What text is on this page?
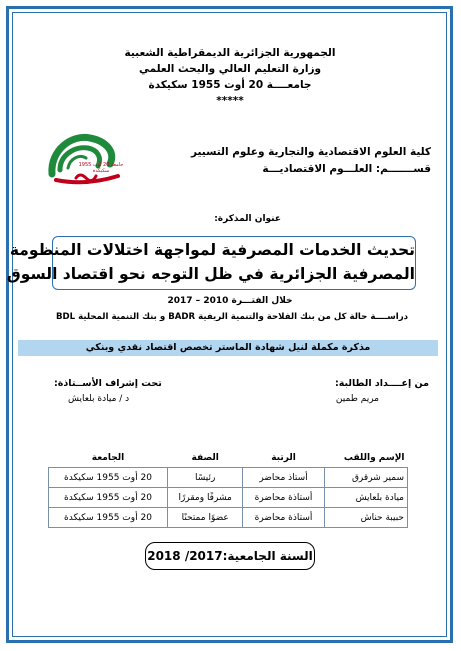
الجمهورية الجزائرية الديمقراطية الشعبية
وزارة التعليم العالي والبحث العلمي
جامعــــة 20 أوت 1955 سكيكدة
*****
كلية العلوم الاقتصادية والتجارية وعلوم التسيير
قســـــــم: العلـــوم الاقتصاديـــة
جامعة 20 أوت 1955 سكيكدة
عنوان المذكرة:
تحديث الخدمات المصرفية لمواجهة اختلالات المنظومة
المصرفية الجزائرية في ظل التوجه نحو اقتصاد السوق
خلال الفتـــرة 2010 – 2017
دراســــة حالة كل من بنك الفلاحة والتنمية الريفية BADR و بنك التنمية المحلية BDL
مذكرة مكملة لنيل شهادة الماستر تخصص اقتصاد نقدي وبنكي
من إعــــداد الطالبة:
مريم طمين
تحت إشراف الأســتاذة:
د / ميادة بلعايش
الإسم واللقب	الرتبة	الصفة	الجامعة
سمير شرقرق	أستاذ محاضر	رئيسًا	20 أوت 1955 سكيكدة
ميادة بلعايش	أستاذة محاضرة	مشرفًا ومقررًا	20 أوت 1955 سكيكدة
حبيبة حناش	أستاذة محاضرة	عضوًا ممتحنًا	20 أوت 1955 سكيكدة
السنة الجامعية:2017/ 2018
